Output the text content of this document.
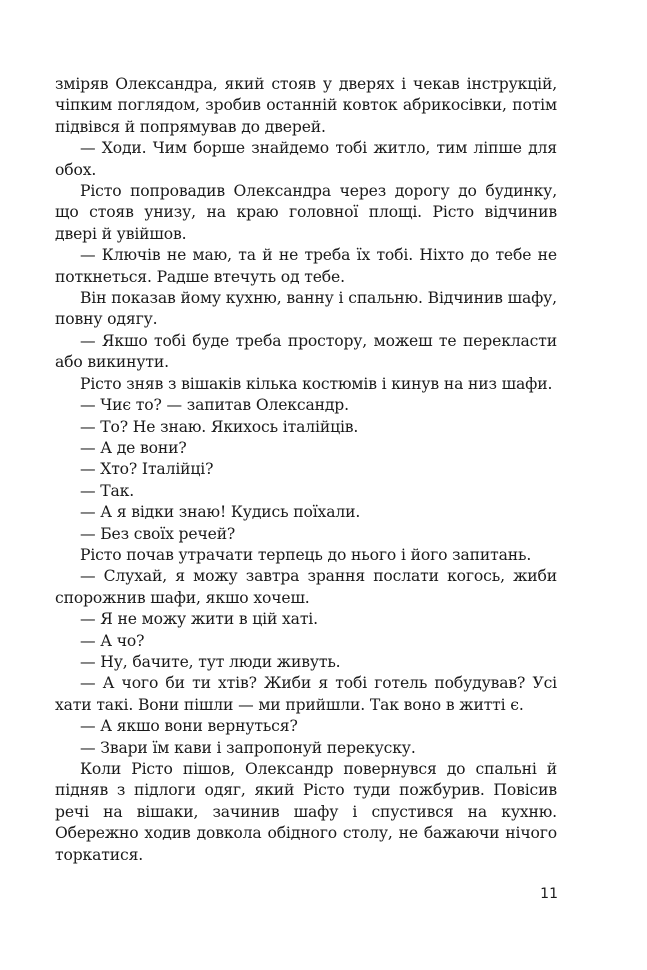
зміряв Олександра, який стояв у дверях і чекав інструкцій, чіпким поглядом, зробив останній ковток абрикосівки, потім підвівся й попрямував до дверей.

— Ходи. Чим борше знайдемо тобі житло, тим ліпше для обох.

Рісто попровадив Олександра через дорогу до будинку, що стояв унизу, на краю головної площі. Рісто відчинив двері й увійшов.

— Ключів не маю, та й не треба їх тобі. Ніхто до тебе не поткнеться. Радше втечуть од тебе.

Він показав йому кухню, ванну і спальню. Відчинив шафу, повну одягу.

— Якшо тобі буде треба простору, можеш те перекласти або викинути.

Рісто зняв з вішаків кілька костюмів і кинув на низ шафи.

— Чиє то? — запитав Олександр.

— То? Не знаю. Якихось італійців.

— А де вони?

— Хто? Італійці?

— Так.

— А я відки знаю! Кудись поїхали.

— Без своїх речей?

Рісто почав утрачати терпець до нього і його запитань.

— Слухай, я можу завтра зрання послати когось, жиби спорожнив шафи, якшо хочеш.

— Я не можу жити в цій хаті.

— А чо?

— Ну, бачите, тут люди живуть.

— А чого би ти хтів? Жиби я тобі готель побудував? Усі хати такі. Вони пішли — ми прийшли. Так воно в житті є.

— А якшо вони вернуться?

— Звари їм кави і запропонуй перекуску.

Коли Рісто пішов, Олександр повернувся до спальні й підняв з підлоги одяг, який Рісто туди пожбурив. Повісив речі на вішаки, зачинив шафу і спустився на кухню. Обережно ходив довкола обідного столу, не бажаючи нічого торкатися.

11
